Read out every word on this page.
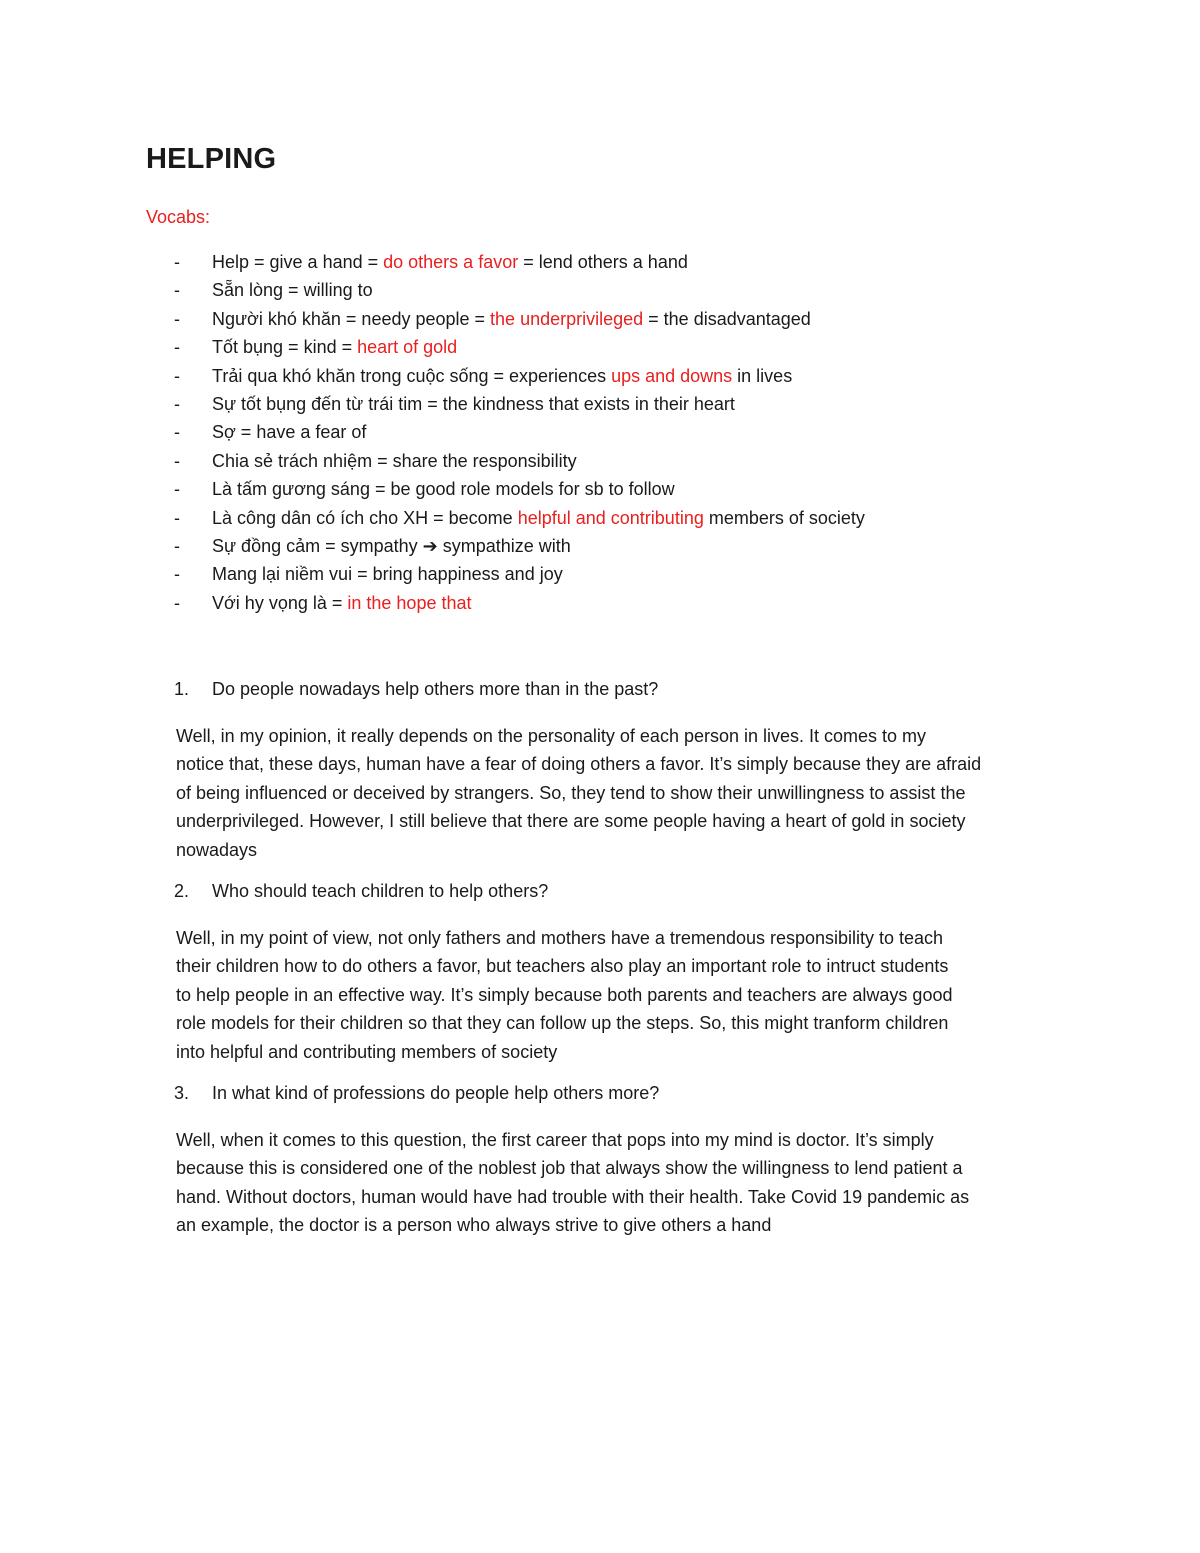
HELPING

Vocabs:

- Help = give a hand = do others a favor = lend others a hand
- Sẵn lòng = willing to
- Người khó khăn = needy people = the underprivileged = the disadvantaged
- Tốt bụng = kind = heart of gold
- Trải qua khó khăn trong cuộc sống = experiences ups and downs in lives
- Sự tốt bụng đến từ trái tim = the kindness that exists in their heart
- Sợ = have a fear of
- Chia sẻ trách nhiệm = share the responsibility
- Là tấm gương sáng = be good role models for sb to follow
- Là công dân có ích cho XH = become helpful and contributing members of society
- Sự đồng cảm = sympathy ➔ sympathize with
- Mang lại niềm vui = bring happiness and joy
- Với hy vọng là = in the hope that

1. Do people nowadays help others more than in the past?

Well, in my opinion, it really depends on the personality of each person in lives. It comes to my
notice that, these days, human have a fear of doing others a favor. It’s simply because they are afraid
of being influenced or deceived by strangers. So, they tend to show their unwillingness to assist the
underprivileged. However, I still believe that there are some people having a heart of gold in society
nowadays

2. Who should teach children to help others?

Well, in my point of view, not only fathers and mothers have a tremendous responsibility to teach
their children how to do others a favor, but teachers also play an important role to intruct students
to help people in an effective way. It’s simply because both parents and teachers are always good
role models for their children so that they can follow up the steps. So, this might tranform children
into helpful and contributing members of society

3. In what kind of professions do people help others more?

Well, when it comes to this question, the first career that pops into my mind is doctor. It’s simply
because this is considered one of the noblest job that always show the willingness to lend patient a
hand. Without doctors, human would have had trouble with their health. Take Covid 19 pandemic as
an example, the doctor is a person who always strive to give others a hand
